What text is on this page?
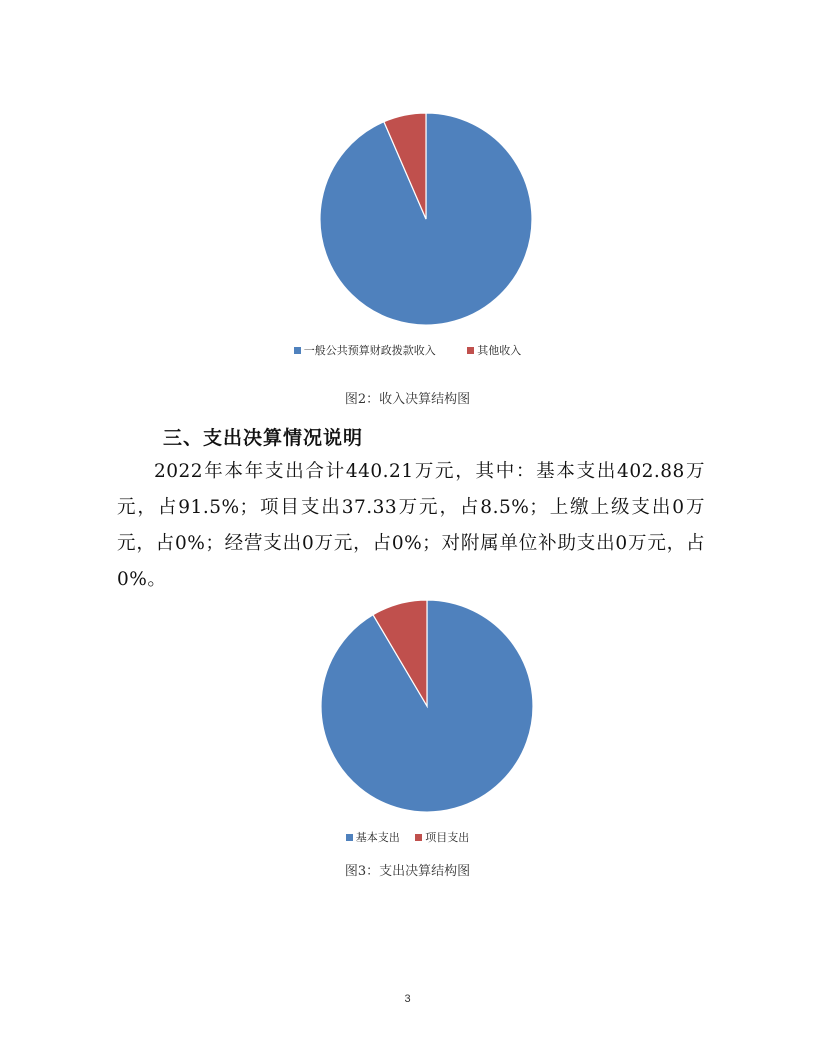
一般公共预算财政拨款收入	其他收入
图2：收入决算结构图
三、支出决算情况说明

2022年本年支出合计440.21万元，其中：基本支出402.88万元，占91.5%；项目支出37.33万元，占8.5%；上缴上级支出0万元，占0%；经营支出0万元，占0%；对附属单位补助支出0万元，占0%。

基本支出 项目支出
图3：支出决算结构图
3
